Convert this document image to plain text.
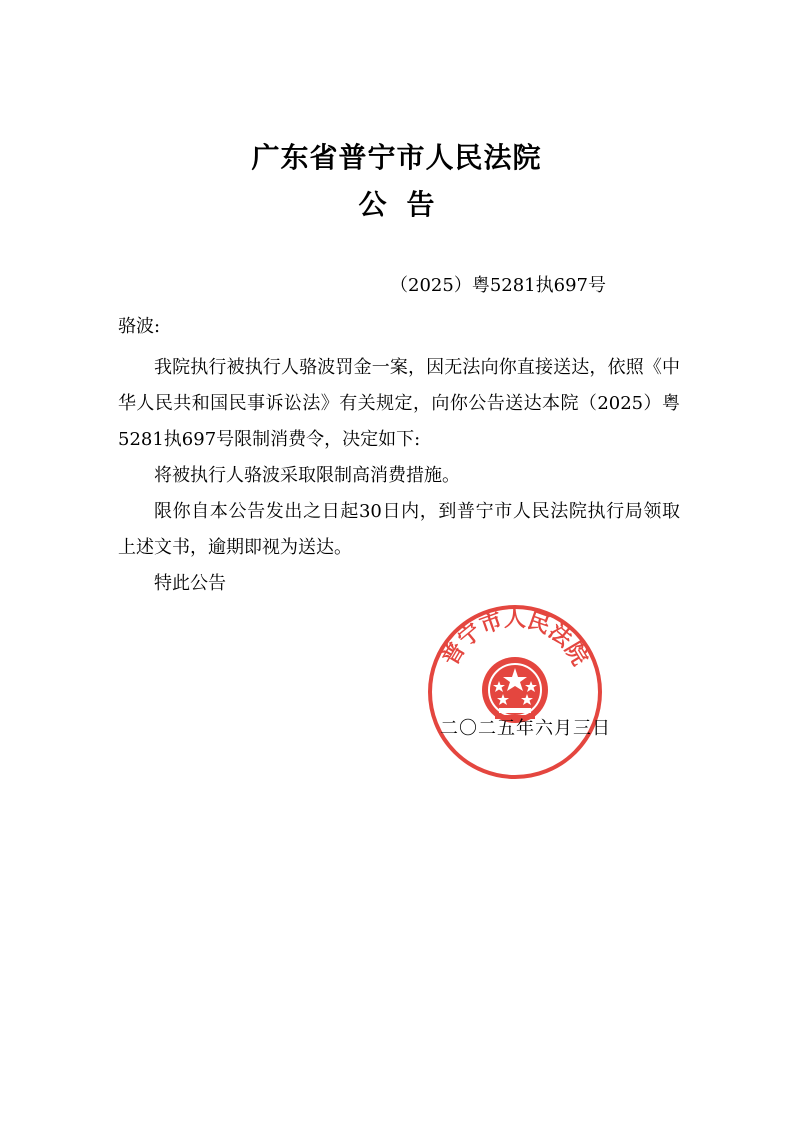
广东省普宁市人民法院
公告
（2025）粤5281执697号
骆波:

我院执行被执行人骆波罚金一案，因无法向你直接送达，依照《中华人民共和国民事诉讼法》有关规定，向你公告送达本院（2025）粤5281执697号限制消费令，决定如下:

将被执行人骆波采取限制高消费措施。

限你自本公告发出之日起30日内，到普宁市人民法院执行局领取上述文书，逾期即视为送达。

特此公告

普宁市人民法院
二〇二五年六月三日
